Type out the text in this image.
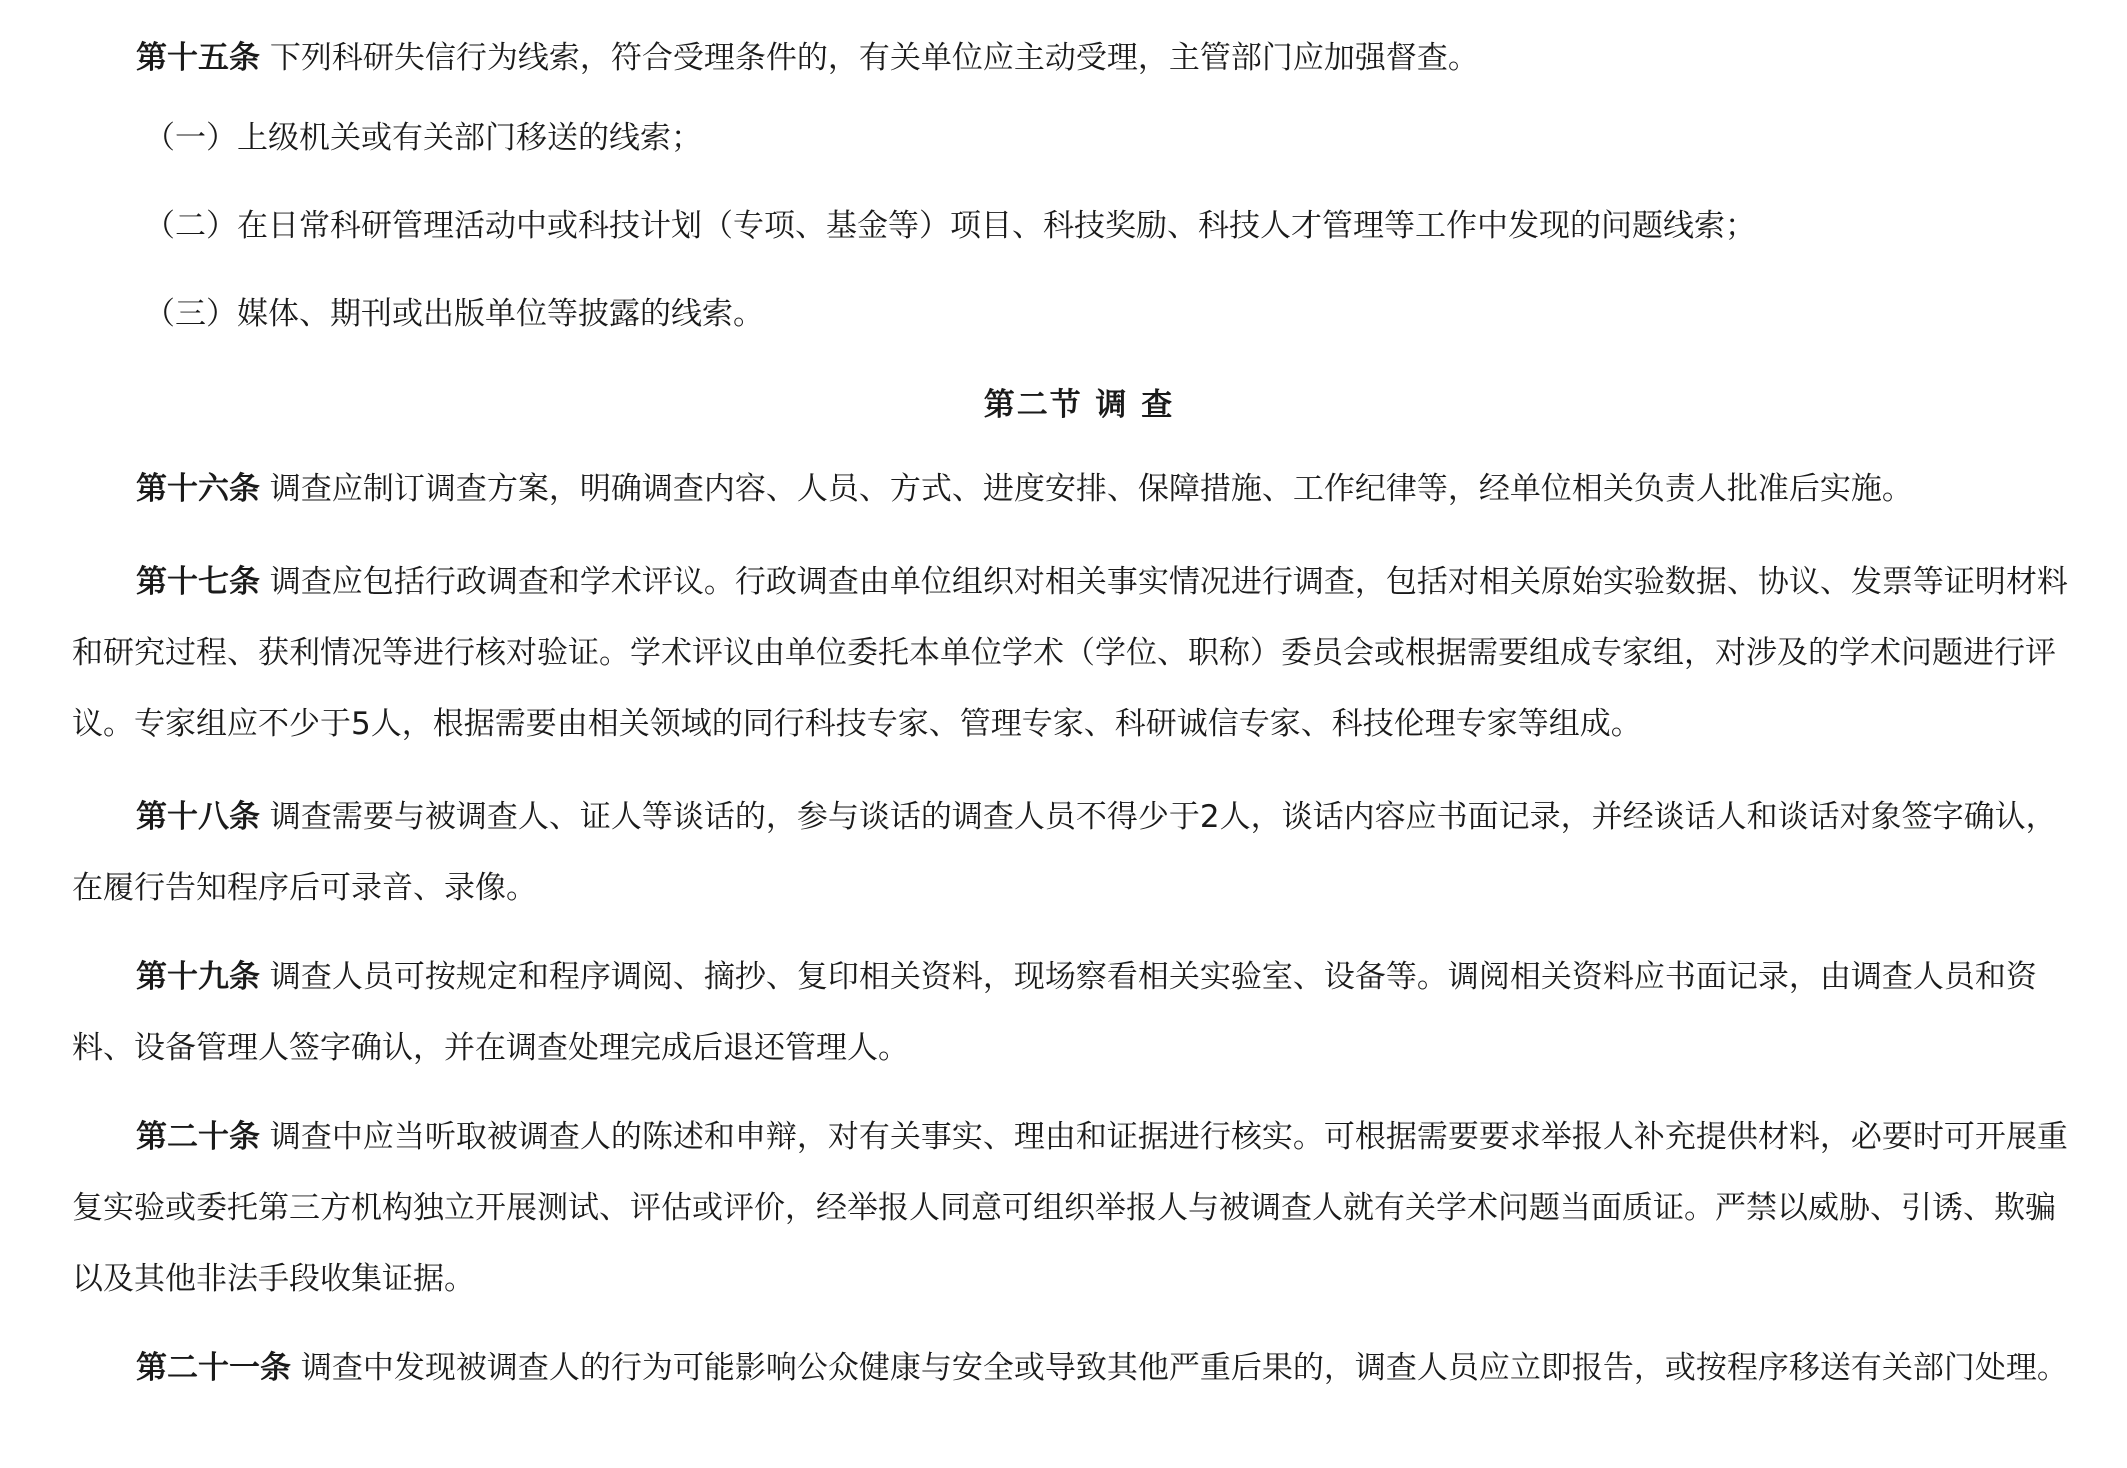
第十五条 下列科研失信行为线索，符合受理条件的，有关单位应主动受理，主管部门应加强督查。

（一）上级机关或有关部门移送的线索；

（二）在日常科研管理活动中或科技计划（专项、基金等）项目、科技奖励、科技人才管理等工作中发现的问题线索；

（三）媒体、期刊或出版单位等披露的线索。

第二节 调 查

第十六条 调查应制订调查方案，明确调查内容、人员、方式、进度安排、保障措施、工作纪律等，经单位相关负责人批准后实施。

第十七条 调查应包括行政调查和学术评议。行政调查由单位组织对相关事实情况进行调查，包括对相关原始实验数据、协议、发票等证明材料和研究过程、获利情况等进行核对验证。学术评议由单位委托本单位学术（学位、职称）委员会或根据需要组成专家组，对涉及的学术问题进行评议。专家组应不少于5人，根据需要由相关领域的同行科技专家、管理专家、科研诚信专家、科技伦理专家等组成。

第十八条 调查需要与被调查人、证人等谈话的，参与谈话的调查人员不得少于2人，谈话内容应书面记录，并经谈话人和谈话对象签字确认，在履行告知程序后可录音、录像。

第十九条 调查人员可按规定和程序调阅、摘抄、复印相关资料，现场察看相关实验室、设备等。调阅相关资料应书面记录，由调查人员和资料、设备管理人签字确认，并在调查处理完成后退还管理人。

第二十条 调查中应当听取被调查人的陈述和申辩，对有关事实、理由和证据进行核实。可根据需要要求举报人补充提供材料，必要时可开展重复实验或委托第三方机构独立开展测试、评估或评价，经举报人同意可组织举报人与被调查人就有关学术问题当面质证。严禁以威胁、引诱、欺骗以及其他非法手段收集证据。

第二十一条 调查中发现被调查人的行为可能影响公众健康与安全或导致其他严重后果的，调查人员应立即报告，或按程序移送有关部门处理。
